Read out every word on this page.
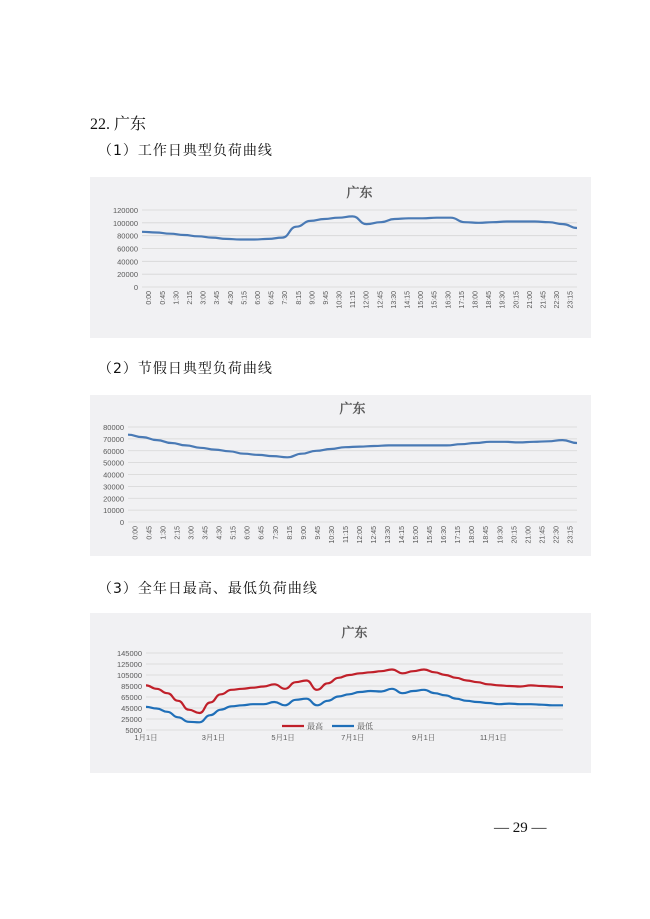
22. 广东
（1）工作日典型负荷曲线
广东
0
20000
40000
60000
80000
100000
120000
0:00 0:45 1:30 2:15 3:00 3:45 4:30 5:15 6:00 6:45 7:30 8:15 9:00 9:45 10:30 11:15 12:00 12:45 13:30 14:15 15:00 15:45 16:30 17:15 18:00 18:45 19:30 20:15 21:00 21:45 22:30 23:15
（2）节假日典型负荷曲线
广东
0
10000
20000
30000
40000
50000
60000
70000
80000
0:00 0:45 1:30 2:15 3:00 3:45 4:30 5:15 6:00 6:45 7:30 8:15 9:00 9:45 10:30 11:15 12:00 12:45 13:30 14:15 15:00 15:45 16:30 17:15 18:00 18:45 19:30 20:15 21:00 21:45 22:30 23:15
（3）全年日最高、最低负荷曲线
广东
5000
25000
45000
65000
85000
105000
125000
145000
1月1日	3月1日	5月1日	7月1日	9月1日	11月1日
最高	最低
— 29 —
